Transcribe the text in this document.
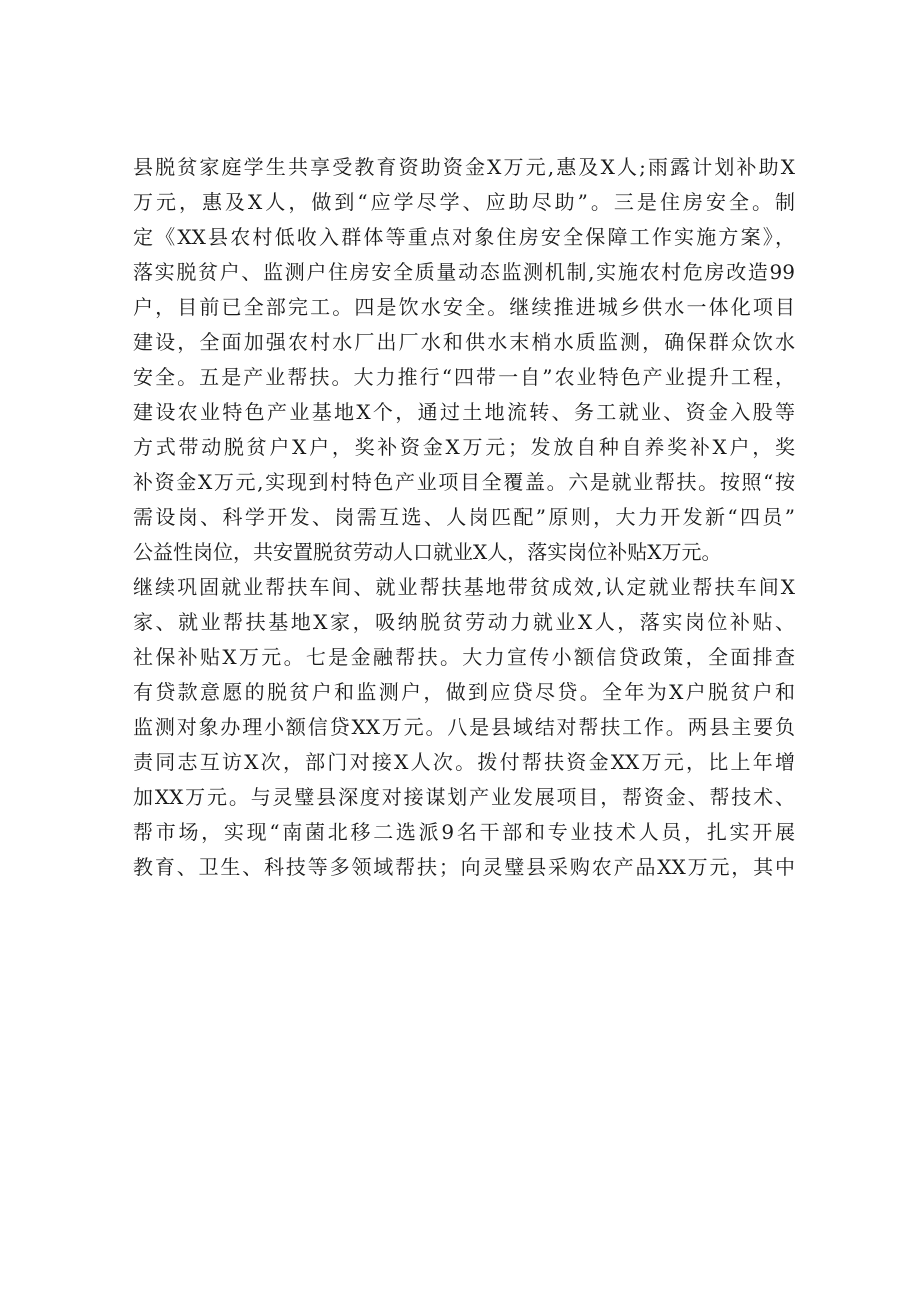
县脱贫家庭学生共享受教育资助资金X万元,惠及X人;雨露计划补助X
万元，惠及X人，做到“应学尽学、应助尽助”。三是住房安全。制
定《XX县农村低收入群体等重点对象住房安全保障工作实施方案》，
落实脱贫户、监测户住房安全质量动态监测机制,实施农村危房改造99
户，目前已全部完工。四是饮水安全。继续推进城乡供水一体化项目
建设，全面加强农村水厂出厂水和供水末梢水质监测，确保群众饮水
安全。五是产业帮扶。大力推行“四带一自”农业特色产业提升工程，
建设农业特色产业基地X个，通过土地流转、务工就业、资金入股等
方式带动脱贫户X户，奖补资金X万元；发放自种自养奖补X户，奖
补资金X万元,实现到村特色产业项目全覆盖。六是就业帮扶。按照“按
需设岗、科学开发、岗需互选、人岗匹配”原则，大力开发新“四员”
公益性岗位，共安置脱贫劳动人口就业X人，落实岗位补贴X万元。
继续巩固就业帮扶车间、就业帮扶基地带贫成效,认定就业帮扶车间X
家、就业帮扶基地X家，吸纳脱贫劳动力就业X人，落实岗位补贴、
社保补贴X万元。七是金融帮扶。大力宣传小额信贷政策，全面排查
有贷款意愿的脱贫户和监测户，做到应贷尽贷。全年为X户脱贫户和
监测对象办理小额信贷XX万元。八是县域结对帮扶工作。两县主要负
责同志互访X次，部门对接X人次。拨付帮扶资金XX万元，比上年增
加XX万元。与灵璧县深度对接谋划产业发展项目，帮资金、帮技术、
帮市场，实现“南菌北移二选派9名干部和专业技术人员，扎实开展
教育、卫生、科技等多领域帮扶；向灵璧县采购农产品XX万元，其中
